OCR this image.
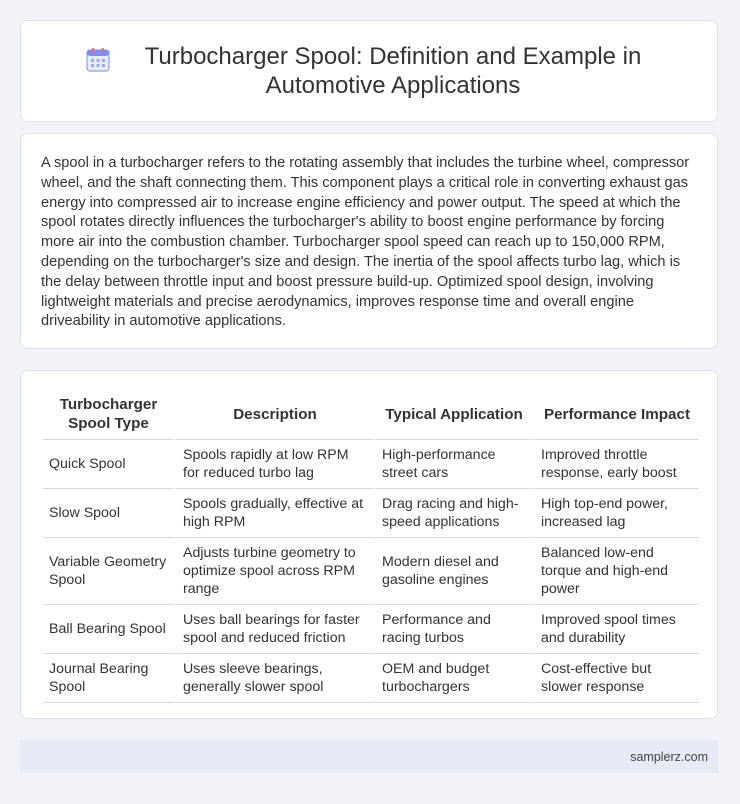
Turbocharger Spool: Definition and Example in Automotive Applications

A spool in a turbocharger refers to the rotating assembly that includes the turbine wheel, compressor wheel, and the shaft connecting them. This component plays a critical role in converting exhaust gas energy into compressed air to increase engine efficiency and power output. The speed at which the spool rotates directly influences the turbocharger's ability to boost engine performance by forcing more air into the combustion chamber. Turbocharger spool speed can reach up to 150,000 RPM, depending on the turbocharger's size and design. The inertia of the spool affects turbo lag, which is the delay between throttle input and boost pressure build-up. Optimized spool design, involving lightweight materials and precise aerodynamics, improves response time and overall engine driveability in automotive applications.

Turbocharger Spool Type	Description	Typical Application	Performance Impact
Quick Spool	Spools rapidly at low RPM for reduced turbo lag	High-performance street cars	Improved throttle response, early boost
Slow Spool	Spools gradually, effective at high RPM	Drag racing and high-speed applications	High top-end power, increased lag
Variable Geometry Spool	Adjusts turbine geometry to optimize spool across RPM range	Modern diesel and gasoline engines	Balanced low-end torque and high-end power
Ball Bearing Spool	Uses ball bearings for faster spool and reduced friction	Performance and racing turbos	Improved spool times and durability
Journal Bearing Spool	Uses sleeve bearings, generally slower spool	OEM and budget turbochargers	Cost-effective but slower response
samplerz.com
